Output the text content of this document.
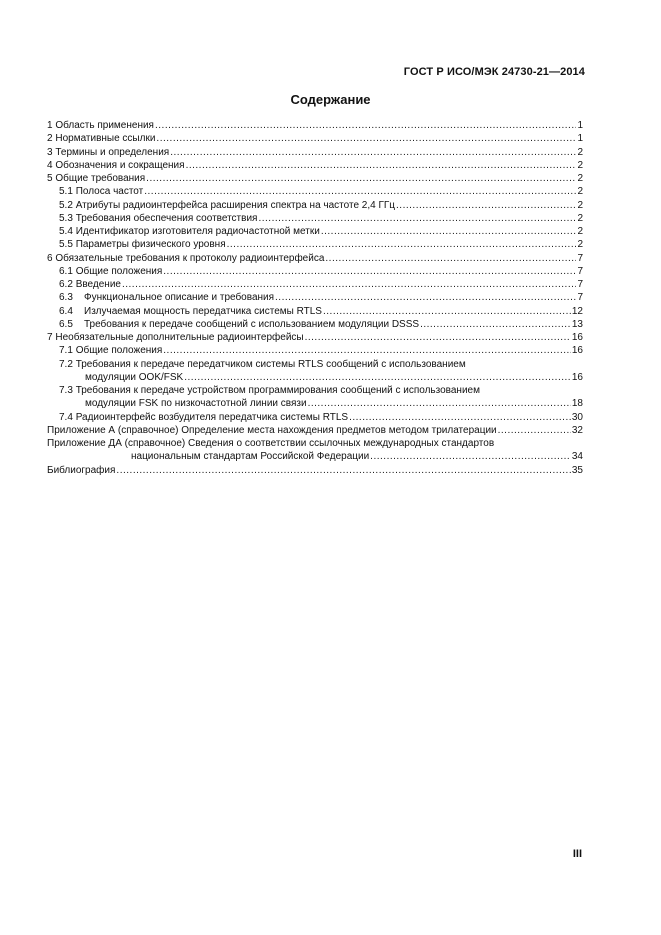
ГОСТ Р ИСО/МЭК 24730-21—2014
Содержание
1 Область применения .....	1
2 Нормативные ссылки .....	1
3 Термины и определения .....	2
4 Обозначения и сокращения .....	2
5 Общие требования .....	2
5.1 Полоса частот .....	2
5.2 Атрибуты радиоинтерфейса расширения спектра на частоте 2,4 ГГц .....	2
5.3 Требования обеспечения соответствия .....	2
5.4 Идентификатор изготовителя радиочастотной метки .....	2
5.5 Параметры физического уровня .....	2
6 Обязательные требования к протоколу радиоинтерфейса .....	7
6.1 Общие положения .....	7
6.2 Введение .....	7
6.3 Функциональное описание и требования .....	7
6.4 Излучаемая мощность передатчика системы RTLS .....	12
6.5 Требования к передаче сообщений с использованием модуляции DSSS .....	13
7 Необязательные дополнительные радиоинтерфейсы .....	16
7.1 Общие положения .....	16
7.2 Требования к передаче передатчиком системы RTLS сообщений с использованием
модуляции OOK/FSK .....	16
7.3 Требования к передаче устройством программирования сообщений с использованием
модуляции FSK по низкочастотной линии связи .....	18
7.4 Радиоинтерфейс возбудителя передатчика системы RTLS .....	30
Приложение А (справочное) Определение места нахождения предметов методом трилатерации .....	32
Приложение ДА (справочное) Сведения о соответствии ссылочных международных стандартов
национальным стандартам Российской Федерации .....	34
Библиография .....	35
III
